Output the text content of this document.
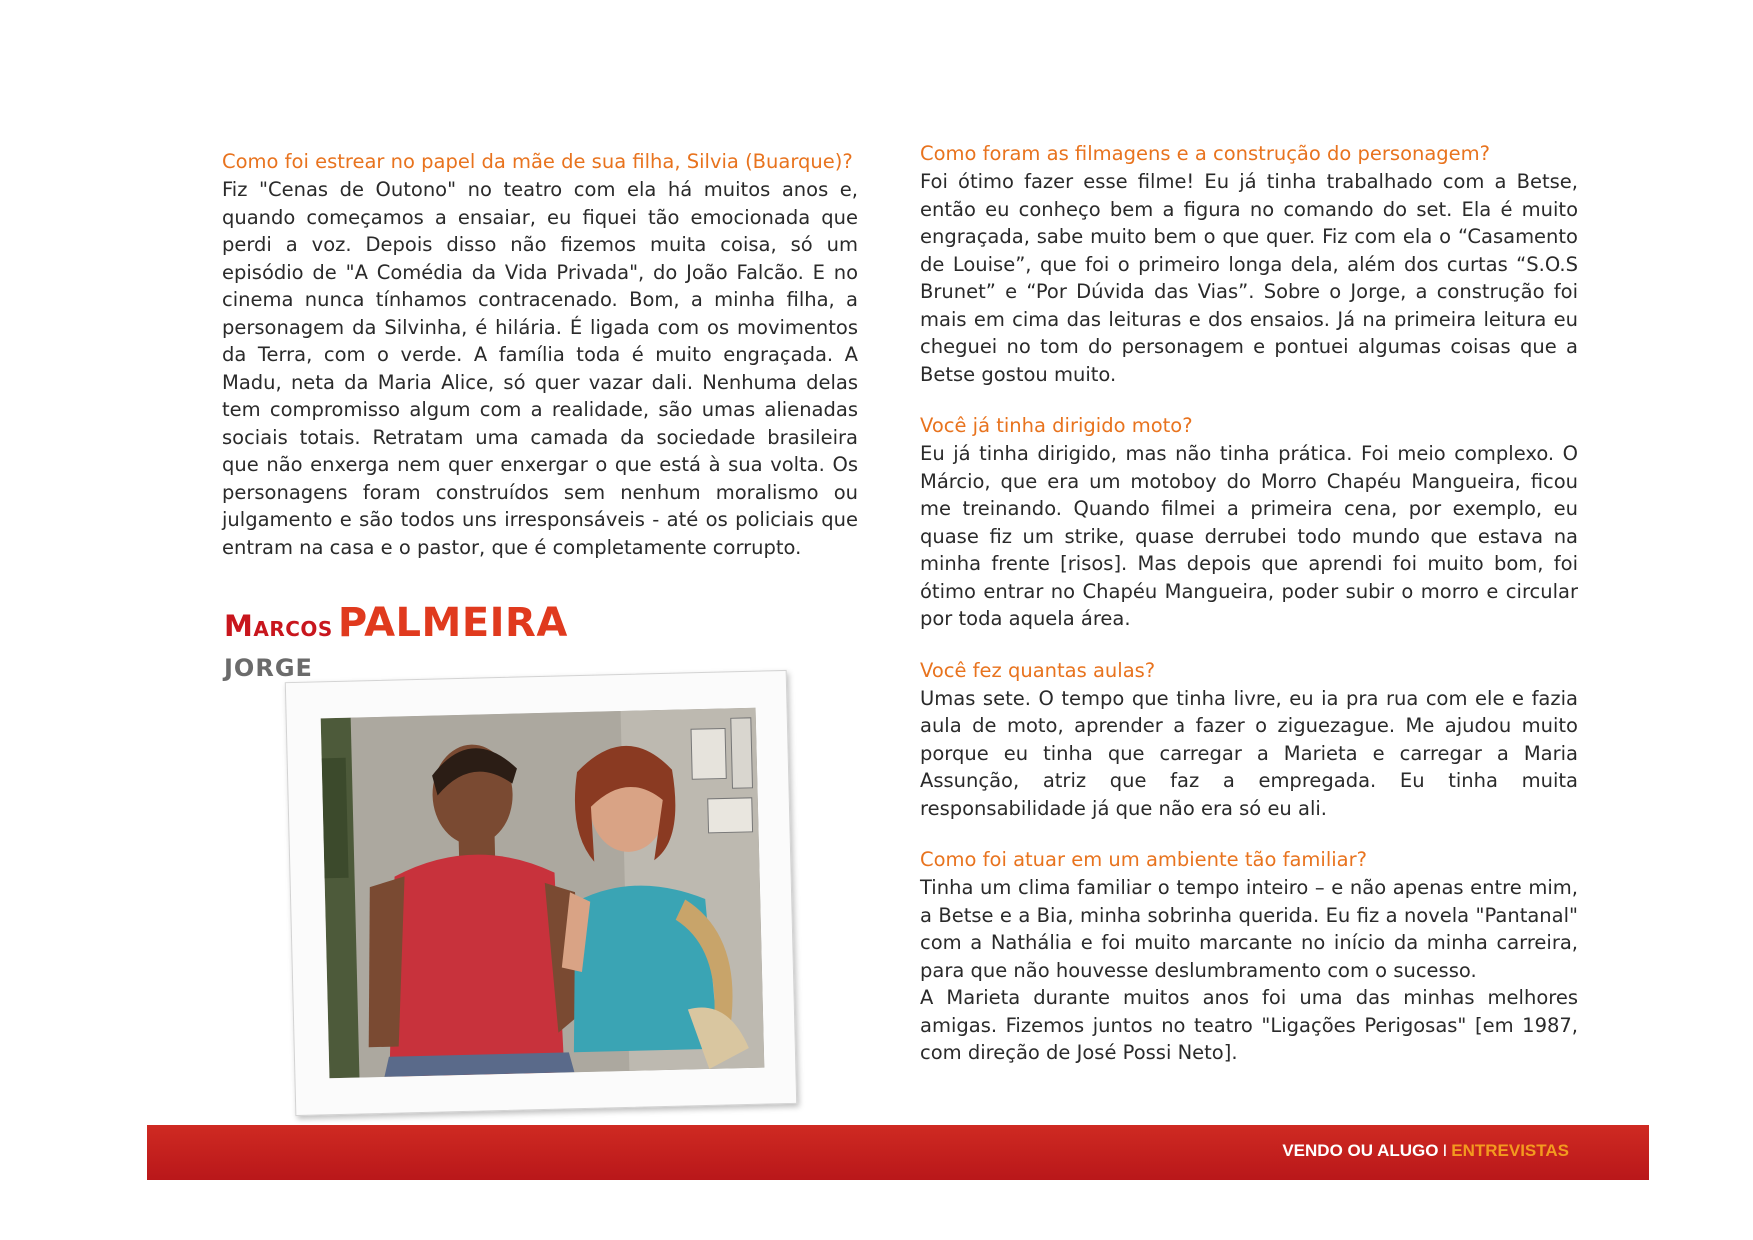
Como foi estrear no papel da mãe de sua filha, Silvia (Buarque)?

Fiz "Cenas de Outono" no teatro com ela há muitos anos e, quando começamos a ensaiar, eu fiquei tão emocionada que perdi a voz. Depois disso não fizemos muita coisa, só um episódio de "A Comédia da Vida Privada", do João Falcão. E no cinema nunca tínhamos contracenado. Bom, a minha filha, a personagem da Silvinha, é hilária. É ligada com os movimentos da Terra, com o verde. A família toda é muito engraçada. A Madu, neta da Maria Alice, só quer vazar dali. Nenhuma delas tem compromisso algum com a realidade, são umas alienadas sociais totais. Retratam uma camada da sociedade brasileira que não enxerga nem quer enxergar o que está à sua volta. Os personagens foram construídos sem nenhum moralismo ou julgamento e são todos uns irresponsáveis - até os policiais que entram na casa e o pastor, que é completamente corrupto.

Marcos PALMEIRA
JORGE

Como foram as filmagens e a construção do personagem?

Foi ótimo fazer esse filme! Eu já tinha trabalhado com a Betse, então eu conheço bem a figura no comando do set. Ela é muito engraçada, sabe muito bem o que quer. Fiz com ela o “Casamento de Louise”, que foi o primeiro longa dela, além dos curtas “S.O.S Brunet” e “Por Dúvida das Vias”. Sobre o Jorge, a construção foi mais em cima das leituras e dos ensaios. Já na primeira leitura eu cheguei no tom do personagem e pontuei algumas coisas que a Betse gostou muito.

Você já tinha dirigido moto?

Eu já tinha dirigido, mas não tinha prática. Foi meio complexo. O Márcio, que era um motoboy do Morro Chapéu Mangueira, ficou me treinando. Quando filmei a primeira cena, por exemplo, eu quase fiz um strike, quase derrubei todo mundo que estava na minha frente [risos]. Mas depois que aprendi foi muito bom, foi ótimo entrar no Chapéu Mangueira, poder subir o morro e circular por toda aquela área.

Você fez quantas aulas?

Umas sete. O tempo que tinha livre, eu ia pra rua com ele e fazia aula de moto, aprender a fazer o ziguezague. Me ajudou muito porque eu tinha que carregar a Marieta e carregar a Maria Assunção, atriz que faz a empregada. Eu tinha muita responsabilidade já que não era só eu ali.

Como foi atuar em um ambiente tão familiar?

Tinha um clima familiar o tempo inteiro – e não apenas entre mim, a Betse e a Bia, minha sobrinha querida. Eu fiz a novela "Pantanal" com a Nathália e foi muito marcante no início da minha carreira, para que não houvesse deslumbramento com o sucesso.

A Marieta durante muitos anos foi uma das minhas melhores amigas. Fizemos juntos no teatro "Ligações Perigosas" [em 1987, com direção de José Possi Neto].

VENDO OU ALUGO I ENTREVISTAS
